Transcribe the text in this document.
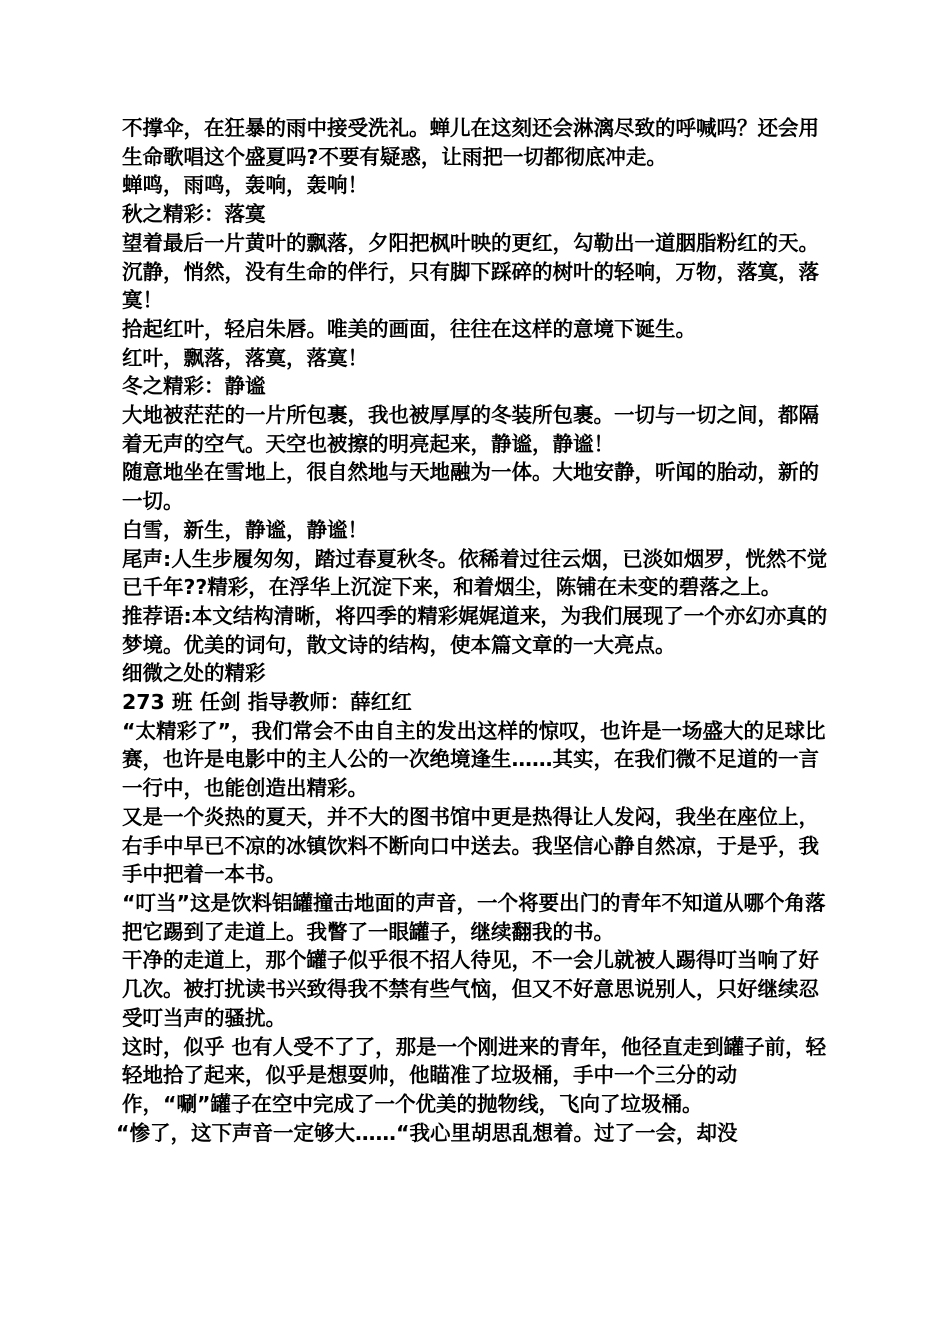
不撑伞，在狂暴的雨中接受洗礼。蝉儿在这刻还会淋漓尽致的呼喊吗？还会用生命歌唱这个盛夏吗?不要有疑惑，让雨把一切都彻底冲走。

蝉鸣，雨鸣，轰响，轰响！

秋之精彩：落寞

望着最后一片黄叶的飘落，夕阳把枫叶映的更红，勾勒出一道胭脂粉红的天。沉静，悄然，没有生命的伴行，只有脚下踩碎的树叶的轻响，万物，落寞，落寞！

拾起红叶，轻启朱唇。唯美的画面，往往在这样的意境下诞生。

红叶，飘落，落寞，落寞！

冬之精彩：静谧

大地被茫茫的一片所包裹，我也被厚厚的冬装所包裹。一切与一切之间，都隔着无声的空气。天空也被擦的明亮起来，静谧，静谧！

随意地坐在雪地上，很自然地与天地融为一体。大地安静，听闻的胎动，新的一切。

白雪，新生，静谧，静谧！

尾声:人生步履匆匆，踏过春夏秋冬。依稀着过往云烟，已淡如烟罗，恍然不觉已千年??精彩，在浮华上沉淀下来，和着烟尘，陈铺在未变的碧落之上。

推荐语:本文结构清晰，将四季的精彩娓娓道来，为我们展现了一个亦幻亦真的梦境。优美的词句，散文诗的结构，使本篇文章的一大亮点。

细微之处的精彩

273 班 任剑 指导教师：薛红红

“太精彩了”，我们常会不由自主的发出这样的惊叹，也许是一场盛大的足球比赛，也许是电影中的主人公的一次绝境逢生……其实，在我们微不足道的一言一行中，也能创造出精彩。

又是一个炎热的夏天，并不大的图书馆中更是热得让人发闷，我坐在座位上，右手中早已不凉的冰镇饮料不断向口中送去。我坚信心静自然凉，于是乎，我手中把着一本书。

“叮当”这是饮料铝罐撞击地面的声音，一个将要出门的青年不知道从哪个角落把它踢到了走道上。我瞥了一眼罐子，继续翻我的书。

干净的走道上，那个罐子似乎很不招人待见，不一会儿就被人踢得叮当响了好几次。被打扰读书兴致得我不禁有些气恼，但又不好意思说别人，只好继续忍受叮当声的骚扰。

这时，似乎 也有人受不了了，那是一个刚进来的青年，他径直走到罐子前，轻轻地拾了起来，似乎是想耍帅，他瞄准了垃圾桶，手中一个三分的动作，“唰”罐子在空中完成了一个优美的抛物线，飞向了垃圾桶。

“惨了，这下声音一定够大……“我心里胡思乱想着。过了一会，却没
